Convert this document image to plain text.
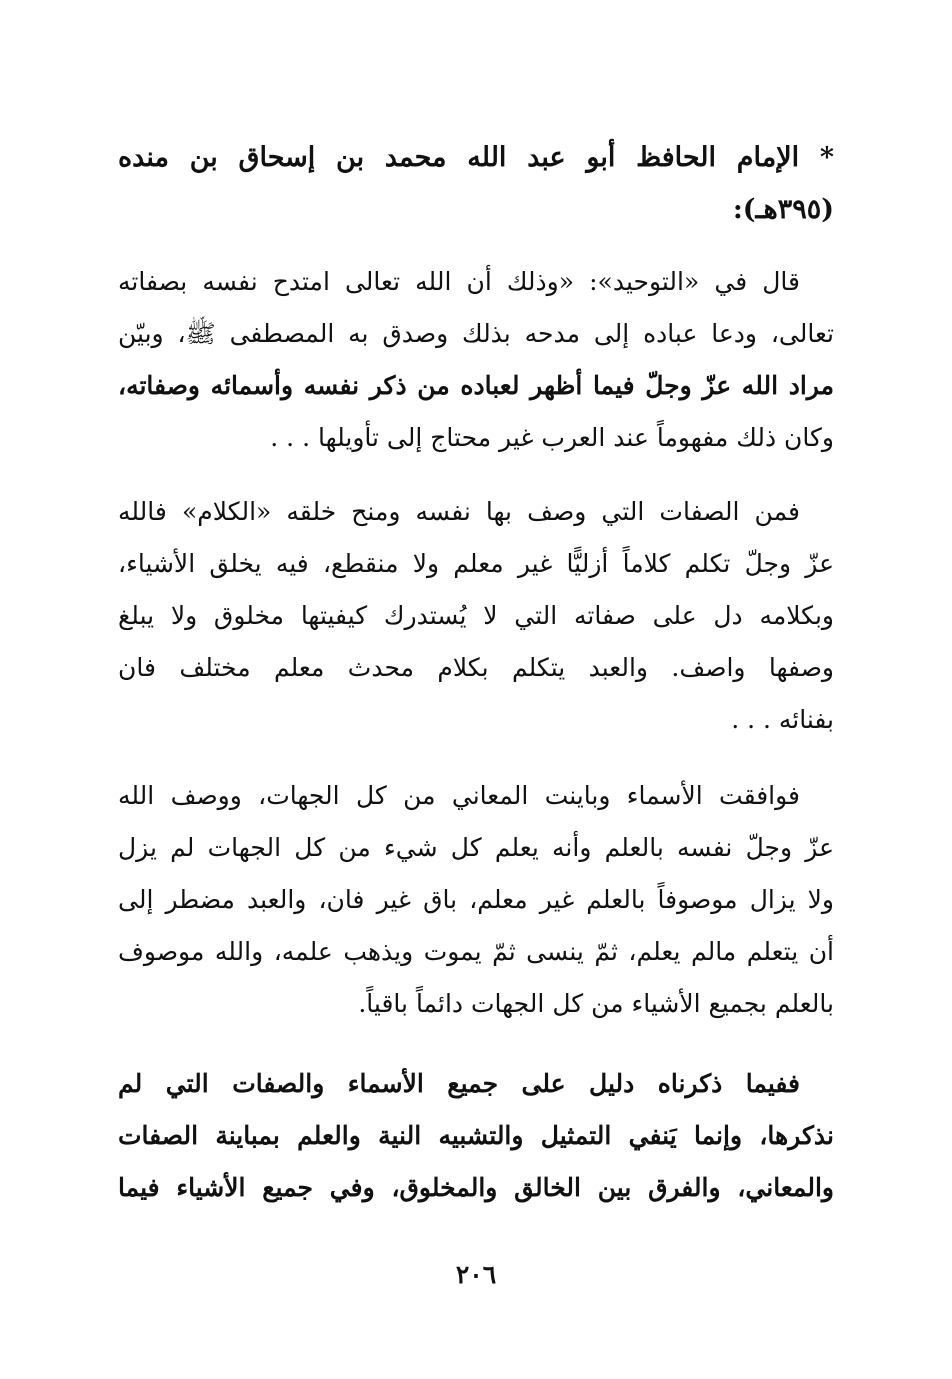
* الإمام الحافظ أبو عبد الله محمد بن إسحاق بن منده
(٣٩٥هـ):
قال في «التوحيد»: «وذلك أن الله تعالى امتدح نفسه بصفاته
تعالى، ودعا عباده إلى مدحه بذلك وصدق به المصطفى ﷺ، وبيّن
مراد الله عزّ وجلّ فيما أظهر لعباده من ذكر نفسه وأسمائه وصفاته،
وكان ذلك مفهوماً عند العرب غير محتاج إلى تأويلها . . .
فمن الصفات التي وصف بها نفسه ومنح خلقه «الكلام» فالله
عزّ وجلّ تكلم كلاماً أزليًّا غير معلم ولا منقطع، فيه يخلق الأشياء،
وبكلامه دل على صفاته التي لا يُستدرك كيفيتها مخلوق ولا يبلغ
وصفها واصف. والعبد يتكلم بكلام محدث معلم مختلف فان
بفنائه . . .
فوافقت الأسماء وباينت المعاني من كل الجهات، ووصف الله
عزّ وجلّ نفسه بالعلم وأنه يعلم كل شيء من كل الجهات لم يزل
ولا يزال موصوفاً بالعلم غير معلم، باق غير فان، والعبد مضطر إلى
أن يتعلم مالم يعلم، ثمّ ينسى ثمّ يموت ويذهب علمه، والله موصوف
بالعلم بجميع الأشياء من كل الجهات دائماً باقياً.
ففيما ذكرناه دليل على جميع الأسماء والصفات التي لم
نذكرها، وإنما يَنفي التمثيل والتشبيه النية والعلم بمباينة الصفات
والمعاني، والفرق بين الخالق والمخلوق، وفي جميع الأشياء فيما
٢٠٦
